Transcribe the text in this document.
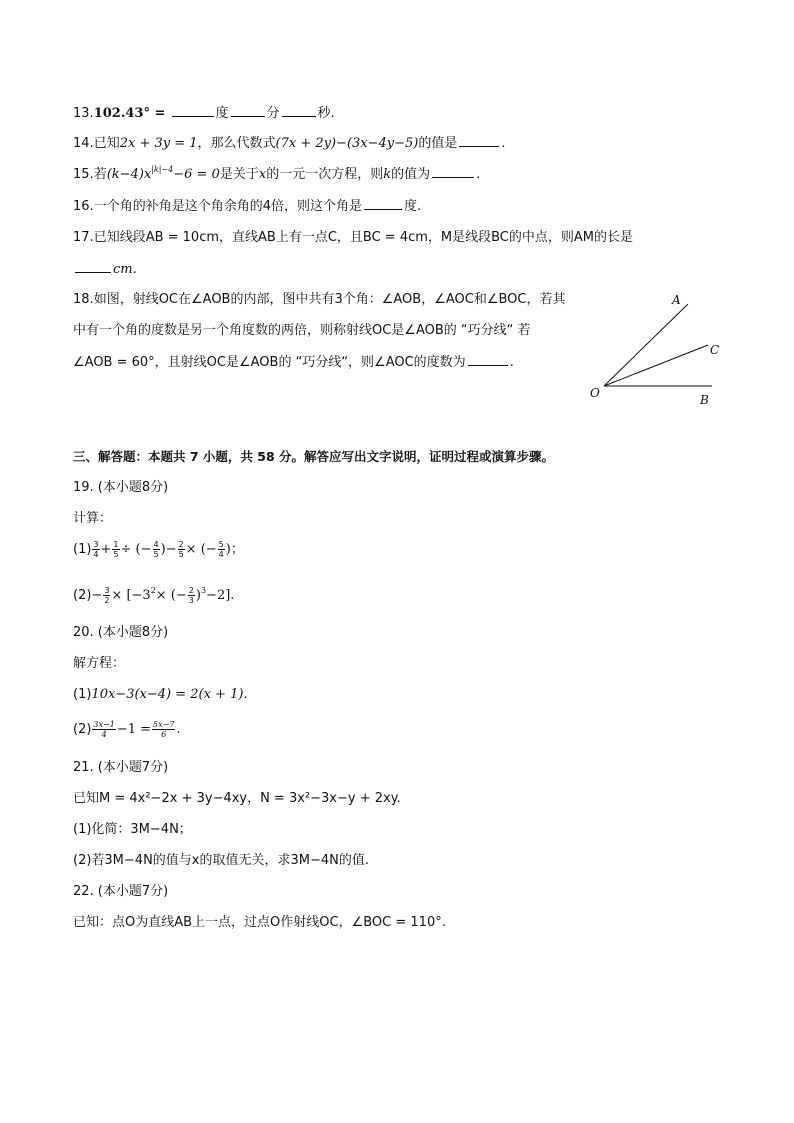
13.102.43° =	度	分	秒.
14.已知2x + 3y = 1，那么代数式(7x + 2y)−(3x−4y−5)的值是	.
15.若$(k-4)x^{|k|-4}-6 = 0$是关于x的一元一次方程，则k的值为	.
16.一个角的补角是这个角余角的4倍，则这个角是	度.
17.已知线段AB = 10cm，直线AB上有一点C，且BC = 4cm，M是线段BC的中点，则AM的长是
cm.
18.如图，射线OC在∠AOB的内部，图中共有3个角：∠AOB，∠AOC和∠BOC，若其
中有一个角的度数是另一个角度数的两倍，则称射线OC是∠AOB的 “巧分线“ 若
∠AOB = 60°，且射线OC是∠AOB的 “巧分线“，则∠AOC的度数为	.
A
C
O	B
三、解答题：本题共 7 小题，共 58 分。解答应写出文字说明，证明过程或演算步骤。
19. (本小题8分)
计算：
$(1) \frac{3}{4} + \frac{1}{5}$ ÷ (− $\frac{4}{5}$ )− $\frac{2}{5}$ × (− $\frac{5}{4}$ )；
$(2)- \frac{3}{2} \times [-3^2\times$ (− $\frac{2}{3} )^3-2$].
20. (本小题8分)
解方程：
(1)10x−3(x−4) = 2(x + 1).
$(2) \frac{3x-1}{4} -1 = \frac{5x-7}{6}$ .
21. (本小题7分)
已知M = 4x²−2x + 3y−4xy，N = 3x²−3x−y + 2xy.
(1)化简：3M−4N；
(2)若3M−4N的值与x的取值无关，求3M−4N的值.
22. (本小题7分)
已知：点O为直线AB上一点，过点O作射线OC，∠BOC = 110°.
